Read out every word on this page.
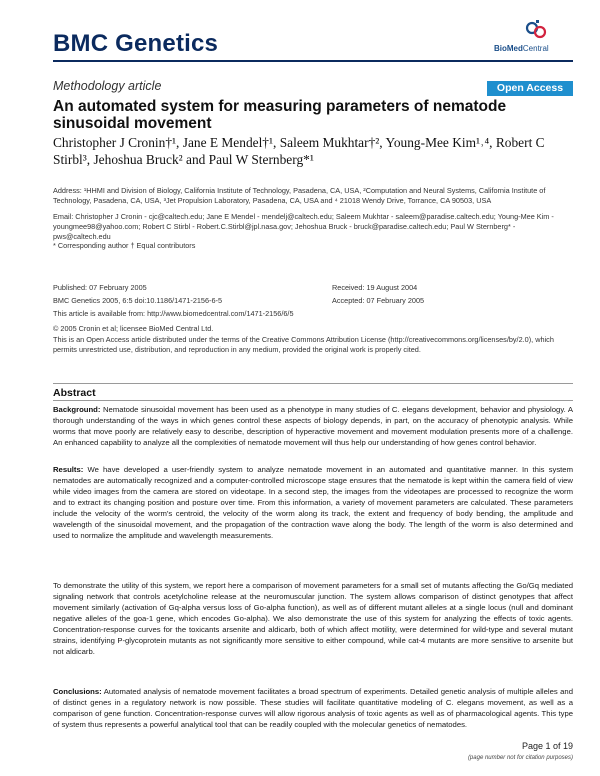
BMC Genetics	BioMedCentral
Methodology article	Open Access
An automated system for measuring parameters of nematode sinusoidal movement
Christopher J Cronin†¹, Jane E Mendel†¹, Saleem Mukhtar†², Young-Mee Kim¹˒⁴, Robert C Stirbl³, Jehoshua Bruck² and Paul W Sternberg*¹
Address: ¹HHMI and Division of Biology, California Institute of Technology, Pasadena, CA, USA, ²Computation and Neural Systems, California Institute of Technology, Pasadena, CA, USA, ³Jet Propulsion Laboratory, Pasadena, CA, USA and ⁴ 21018 Wendy Drive, Torrance, CA 90503, USA
Email: Christopher J Cronin - cjc@caltech.edu; Jane E Mendel - mendelj@caltech.edu; Saleem Mukhtar - saleem@paradise.caltech.edu; Young-Mee Kim - youngmee98@yahoo.com; Robert C Stirbl - Robert.C.Stirbl@jpl.nasa.gov; Jehoshua Bruck - bruck@paradise.caltech.edu; Paul W Sternberg* - pws@caltech.edu
* Corresponding author † Equal contributors
Published: 07 February 2005
BMC Genetics 2005, 6:5 doi:10.1186/1471-2156-6-5
Received: 19 August 2004
Accepted: 07 February 2005
This article is available from: http://www.biomedcentral.com/1471-2156/6/5
© 2005 Cronin et al; licensee BioMed Central Ltd.
This is an Open Access article distributed under the terms of the Creative Commons Attribution License (http://creativecommons.org/licenses/by/2.0), which permits unrestricted use, distribution, and reproduction in any medium, provided the original work is properly cited.
Abstract
Background: Nematode sinusoidal movement has been used as a phenotype in many studies of C. elegans development, behavior and physiology. A thorough understanding of the ways in which genes control these aspects of biology depends, in part, on the accuracy of phenotypic analysis. While worms that move poorly are relatively easy to describe, description of hyperactive movement and movement modulation presents more of a challenge. An enhanced capability to analyze all the complexities of nematode movement will thus help our understanding of how genes control behavior.
Results: We have developed a user-friendly system to analyze nematode movement in an automated and quantitative manner. In this system nematodes are automatically recognized and a computer-controlled microscope stage ensures that the nematode is kept within the camera field of view while video images from the camera are stored on videotape. In a second step, the images from the videotapes are processed to recognize the worm and to extract its changing position and posture over time. From this information, a variety of movement parameters are calculated. These parameters include the velocity of the worm's centroid, the velocity of the worm along its track, the extent and frequency of body bending, the amplitude and wavelength of the sinusoidal movement, and the propagation of the contraction wave along the body. The length of the worm is also determined and used to normalize the amplitude and wavelength measurements.
To demonstrate the utility of this system, we report here a comparison of movement parameters for a small set of mutants affecting the Go/Gq mediated signaling network that controls acetylcholine release at the neuromuscular junction. The system allows comparison of distinct genotypes that affect movement similarly (activation of Gq-alpha versus loss of Go-alpha function), as well as of different mutant alleles at a single locus (null and dominant negative alleles of the goa-1 gene, which encodes Go-alpha). We also demonstrate the use of this system for analyzing the effects of toxic agents. Concentration-response curves for the toxicants arsenite and aldicarb, both of which affect motility, were determined for wild-type and several mutant strains, identifying P-glycoprotein mutants as not significantly more sensitive to either compound, while cat-4 mutants are more sensitive to arsenite but not aldicarb.
Conclusions: Automated analysis of nematode movement facilitates a broad spectrum of experiments. Detailed genetic analysis of multiple alleles and of distinct genes in a regulatory network is now possible. These studies will facilitate quantitative modeling of C. elegans movement, as well as a comparison of gene function. Concentration-response curves will allow rigorous analysis of toxic agents as well as of pharmacological agents. This type of system thus represents a powerful analytical tool that can be readily coupled with the molecular genetics of nematodes.
Page 1 of 19
(page number not for citation purposes)
